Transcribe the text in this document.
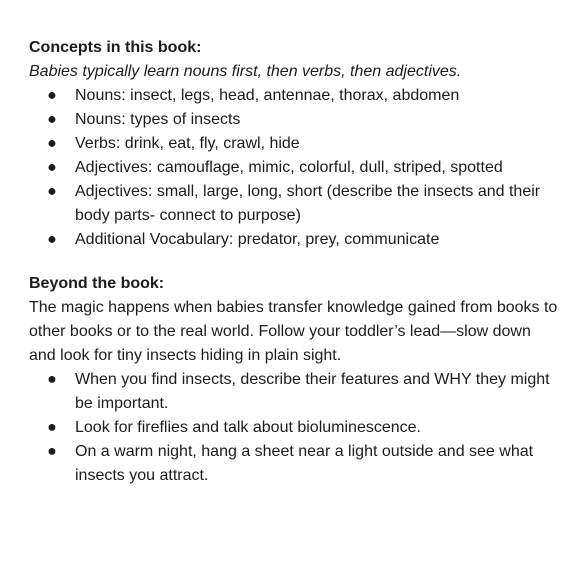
Concepts in this book:

Babies typically learn nouns first, then verbs, then adjectives.

●	Nouns: insect, legs, head, antennae, thorax, abdomen
●	Nouns: types of insects
●	Verbs: drink, eat, fly, crawl, hide
●	Adjectives: camouflage, mimic, colorful, dull, striped, spotted
●	Adjectives: small, large, long, short (describe the insects and their body parts- connect to purpose)
●	Additional Vocabulary: predator, prey, communicate

Beyond the book:

The magic happens when babies transfer knowledge gained from books to other books or to the real world. Follow your toddler’s lead—slow down and look for tiny insects hiding in plain sight.

●	When you find insects, describe their features and WHY they might be important.
●	Look for fireflies and talk about bioluminescence.
●	On a warm night, hang a sheet near a light outside and see what insects you attract.
